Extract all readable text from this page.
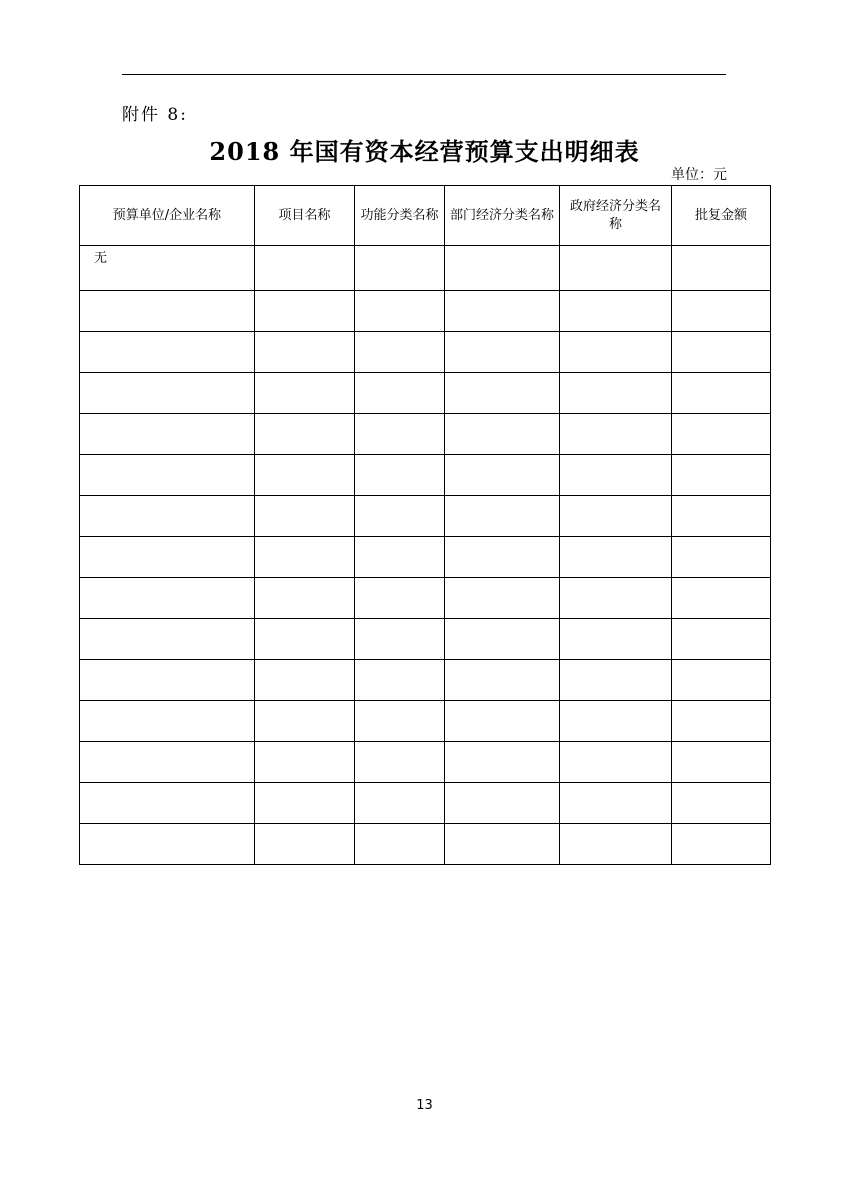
附件 8:
2018 年国有资本经营预算支出明细表
单位：元
预算单位/企业名称	项目名称	功能分类名称	部门经济分类名称	政府经济分类名称	批复金额
无					

13
